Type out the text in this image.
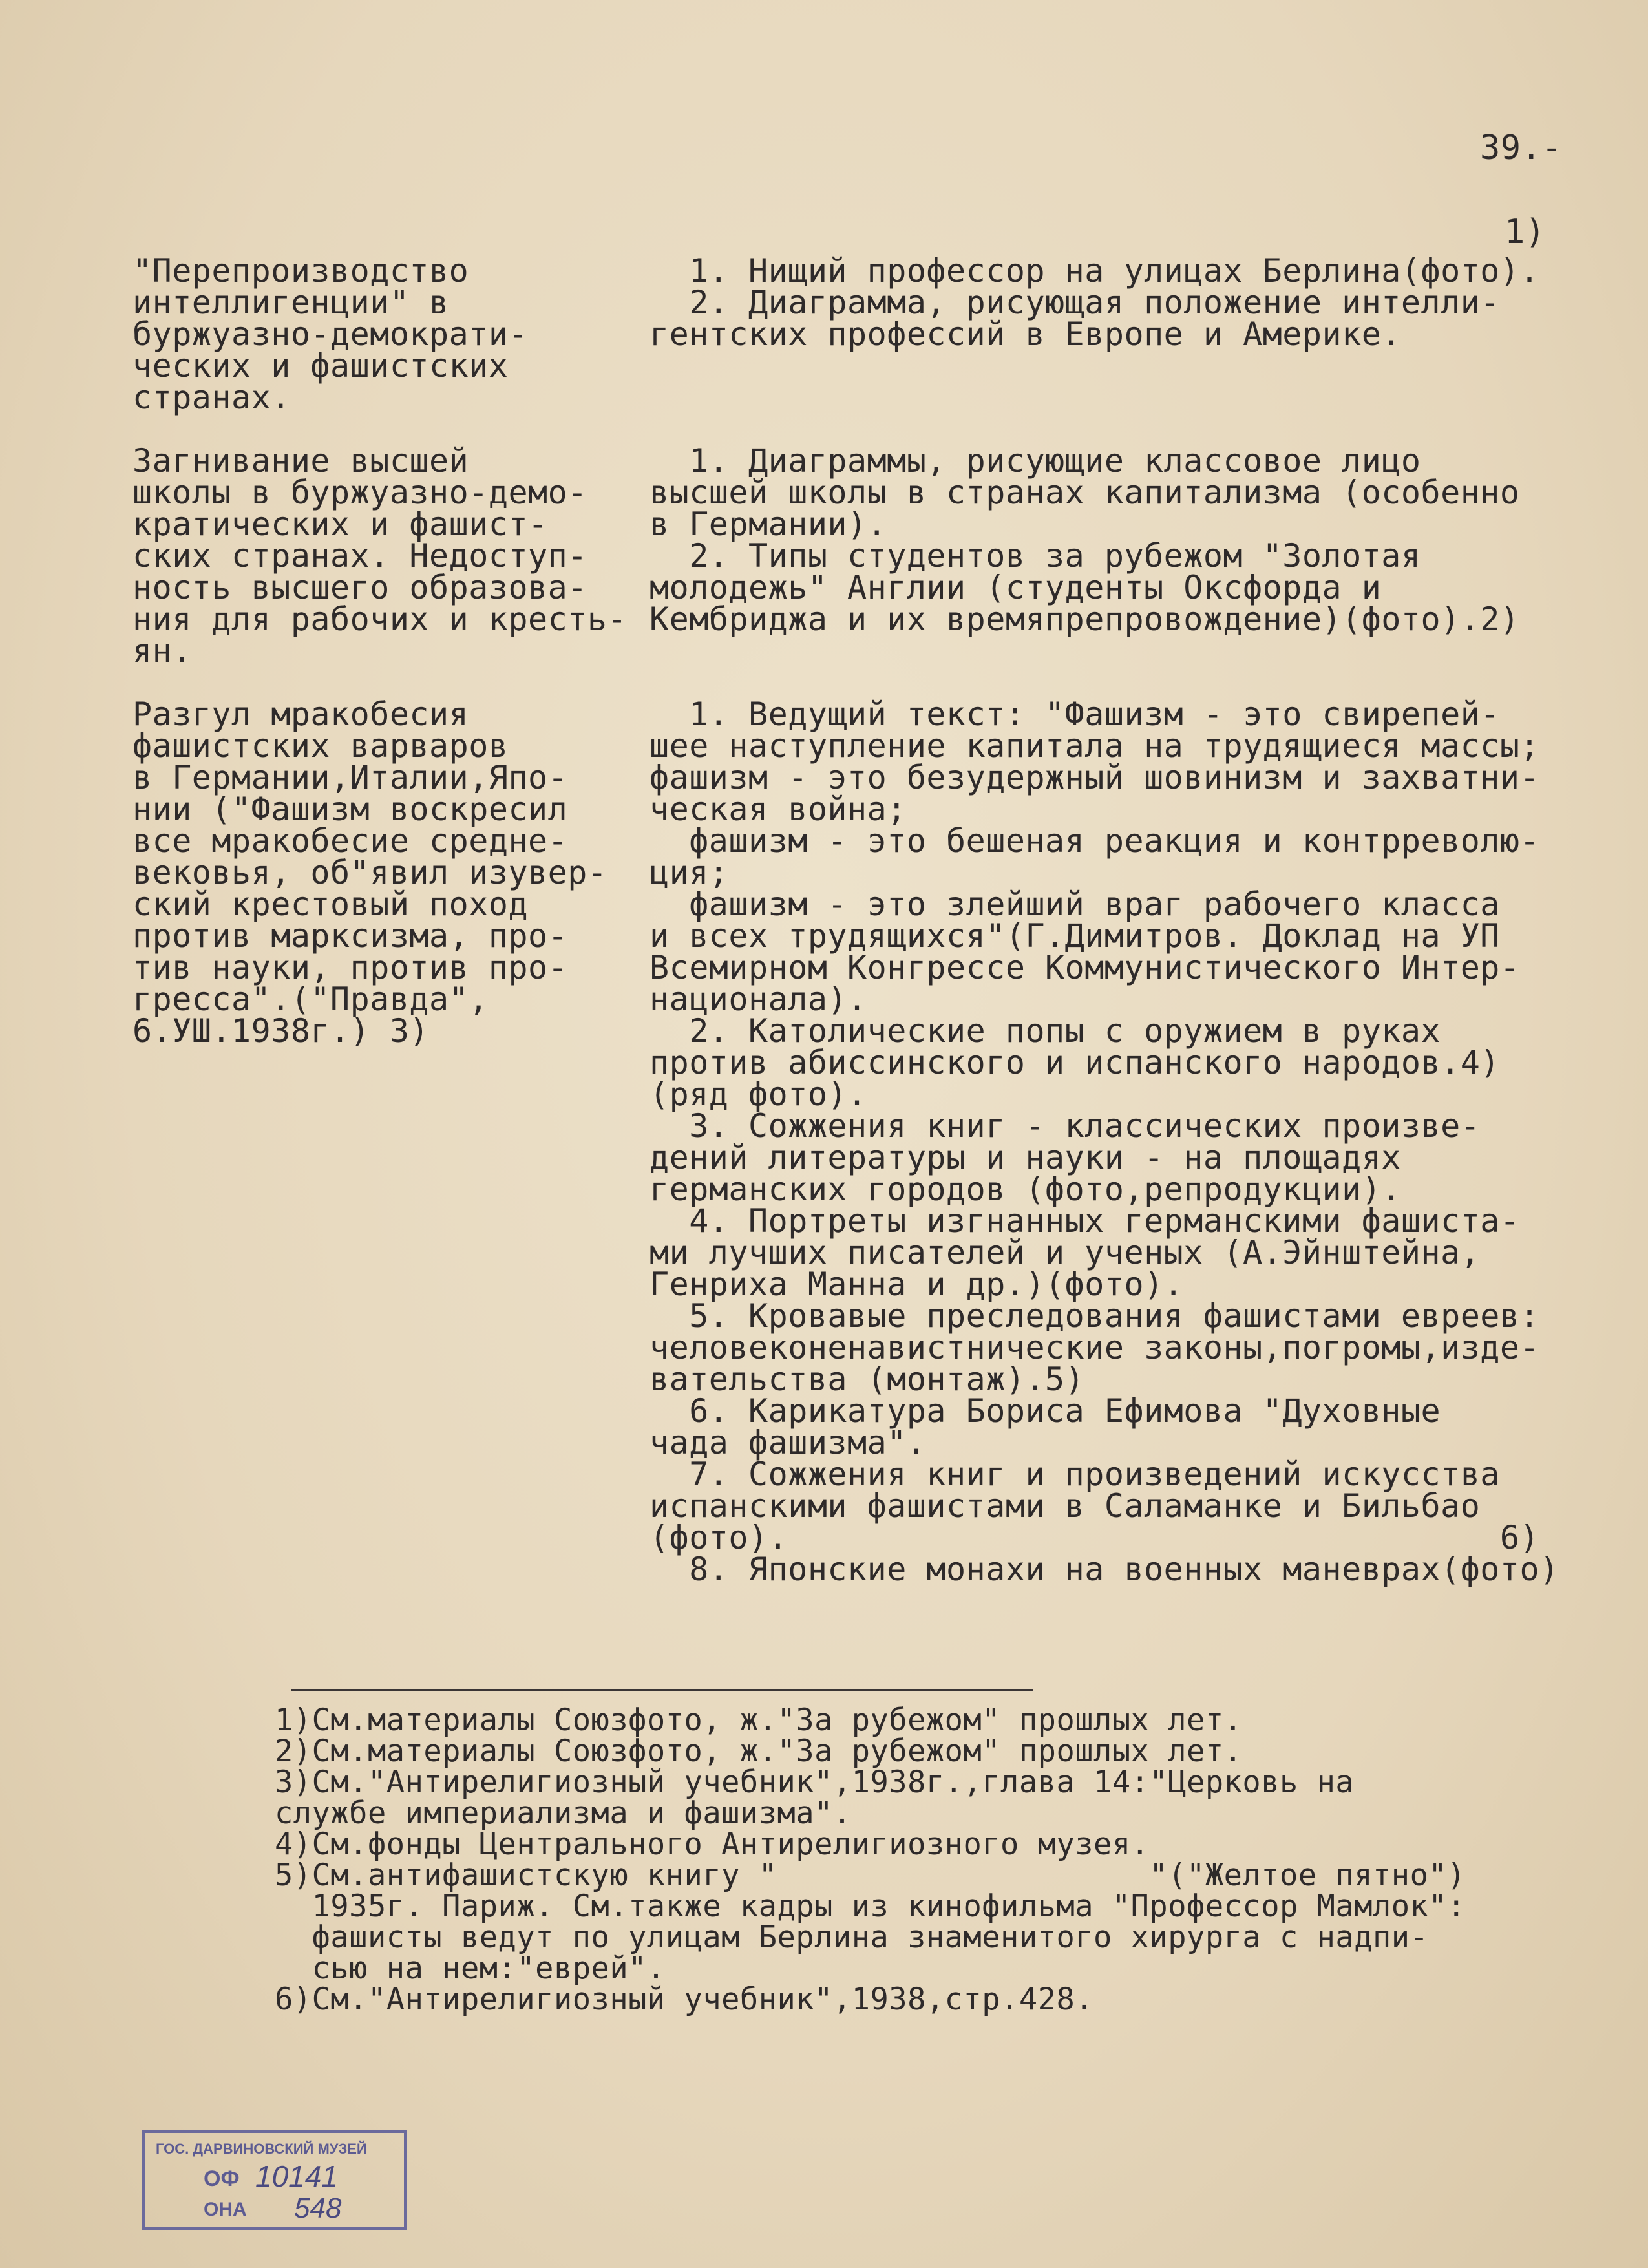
39.-
1)
"Перепроизводство
интеллигенции" в
буржуазно-демократи-
ческих и фашистских
странах.
Загнивание высшей
школы в буржуазно-демо-
кратических и фашист-
ских странах. Недоступ-
ность высшего образова-
ния для рабочих и кресть-
ян.
Разгул мракобесия
фашистских варваров
в Германии,Италии,Япо-
нии ("Фашизм воскресил
все мракобесие средне-
вековья, об"явил изувер-
ский крестовый поход
против марксизма, про-
тив науки, против про-
гресса".("Правда",
6.УШ.1938г.) 3)
1. Нищий профессор на улицах Берлина(фото).
2. Диаграмма, рисующая положение интелли-
гентских профессий в Европе и Америке.
1. Диаграммы, рисующие классовое лицо
высшей школы в странах капитализма (особенно
в Германии).
2. Типы студентов за рубежом "Золотая
молодежь" Англии (студенты Оксфорда и
Кембриджа и их времяпрепровождение)(фото).2)
1. Ведущий текст: "Фашизм - это свирепей-
шее наступление капитала на трудящиеся массы;
фашизм - это безудержный шовинизм и захватни-
ческая война;
фашизм - это бешеная реакция и контрреволю-
ция;
фашизм - это злейший враг рабочего класса
и всех трудящихся"(Г.Димитров. Доклад на УП
Всемирном Конгрессе Коммунистического Интер-
национала).
2. Католические попы с оружием в руках
против абиссинского и испанского народов.4)
(ряд фото).
3. Сожжения книг - классических произве-
дений литературы и науки - на площадях
германских городов (фото,репродукции).
4. Портреты изгнанных германскими фашиста-
ми лучших писателей и ученых (А.Эйнштейна,
Генриха Манна и др.)(фото).
5. Кровавые преследования фашистами евреев:
человеконенавистнические законы,погромы,изде-
вательства (монтаж).5)
6. Карикатура Бориса Ефимова "Духовные
чада фашизма".
7. Сожжения книг и произведений искусства
испанскими фашистами в Саламанке и Бильбао
(фото).                                    6)
8. Японские монахи на военных маневрах(фото)
1)См.материалы Союзфото, ж."За рубежом" прошлых лет.
2)См.материалы Союзфото, ж."За рубежом" прошлых лет.
3)См."Антирелигиозный учебник",1938г.,глава 14:"Церковь на
службе империализма и фашизма".
4)См.фонды Центрального Антирелигиозного музея.
5)См.антифашистскую книгу "                    "("Желтое пятно")
1935г. Париж. См.также кадры из кинофильма "Профессор Мамлок":
фашисты ведут по улицам Берлина знаменитого хирурга с надпи-
сью на нем:"еврей".
6)См."Антирелигиозный учебник",1938,стр.428.
ГОС. ДАРВИНОВСКИЙ МУЗЕЙ
ОФ 10141
ОНА 548
